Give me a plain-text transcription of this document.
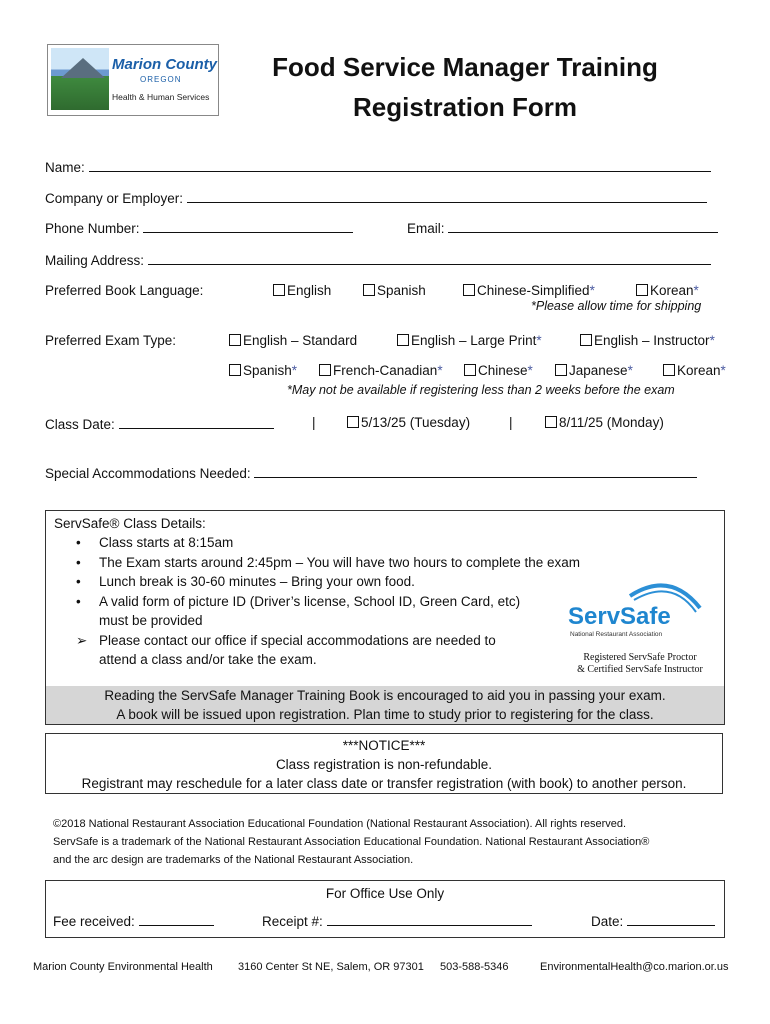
Marion County
OREGON
Health & Human Services
Food Service Manager Training
Registration Form
Name:
Company or Employer:
Phone Number:	Email:
Mailing Address:
Preferred Book Language:	English	Spanish	Chinese-Simplified*	Korean*
*Please allow time for shipping
Preferred Exam Type:	English – Standard	English – Large Print*	English – Instructor*
Spanish*	French-Canadian*	Chinese*	Japanese*	Korean*
*May not be available if registering less than 2 weeks before the exam
Class Date:	|	5/13/25 (Tuesday)	|	8/11/25 (Monday)
Special Accommodations Needed:
ServSafe® Class Details:
• Class starts at 8:15am
• The Exam starts around 2:45pm – You will have two hours to complete the exam
• Lunch break is 30-60 minutes – Bring your own food.
• A valid form of picture ID (Driver’s license, School ID, Green Card, etc) must be provided
➢ Please contact our office if special accommodations are needed to attend a class and/or take the exam.
ServSafe
National Restaurant Association
Registered ServSafe Proctor
& Certified ServSafe Instructor
Reading the ServSafe Manager Training Book is encouraged to aid you in passing your exam.
A book will be issued upon registration. Plan time to study prior to registering for the class.
***NOTICE***
Class registration is non-refundable.
Registrant may reschedule for a later class date or transfer registration (with book) to another person.
©2018 National Restaurant Association Educational Foundation (National Restaurant Association). All rights reserved.
ServSafe is a trademark of the National Restaurant Association Educational Foundation. National Restaurant Association®
and the arc design are trademarks of the National Restaurant Association.
For Office Use Only
Fee received:	Receipt #:	Date:
Marion County Environmental Health 3160 Center St NE, Salem, OR 97301 503-588-5346	EnvironmentalHealth@co.marion.or.us
